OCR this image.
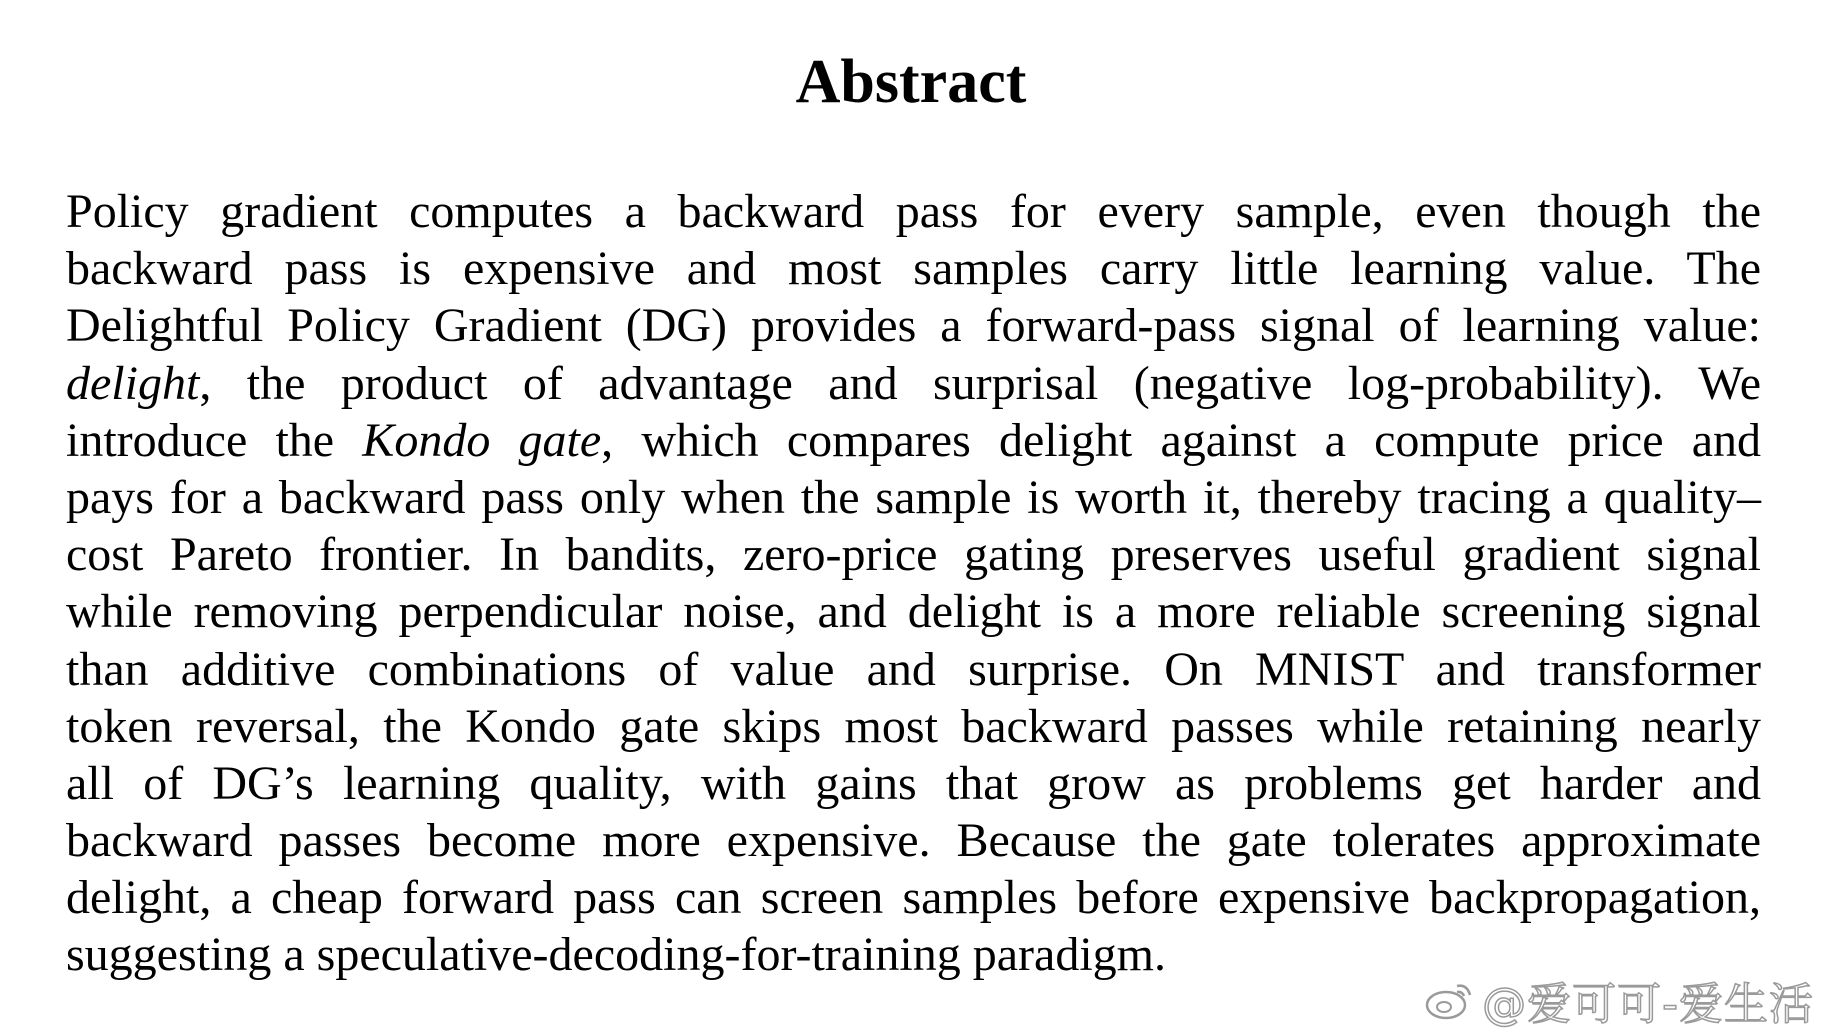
Abstract
Policy gradient computes a backward pass for every sample, even though the
backward pass is expensive and most samples carry little learning value. The
Delightful Policy Gradient (DG) provides a forward-pass signal of learning value:
delight, the product of advantage and surprisal (negative log-probability). We
introduce the Kondo gate, which compares delight against a compute price and
pays for a backward pass only when the sample is worth it, thereby tracing a quality–
cost Pareto frontier. In bandits, zero-price gating preserves useful gradient signal
while removing perpendicular noise, and delight is a more reliable screening signal
than additive combinations of value and surprise. On MNIST and transformer
token reversal, the Kondo gate skips most backward passes while retaining nearly
all of DG’s learning quality, with gains that grow as problems get harder and
backward passes become more expensive. Because the gate tolerates approximate
delight, a cheap forward pass can screen samples before expensive backpropagation,
suggesting a speculative-decoding-for-training paradigm.
@爱可可-爱生活
